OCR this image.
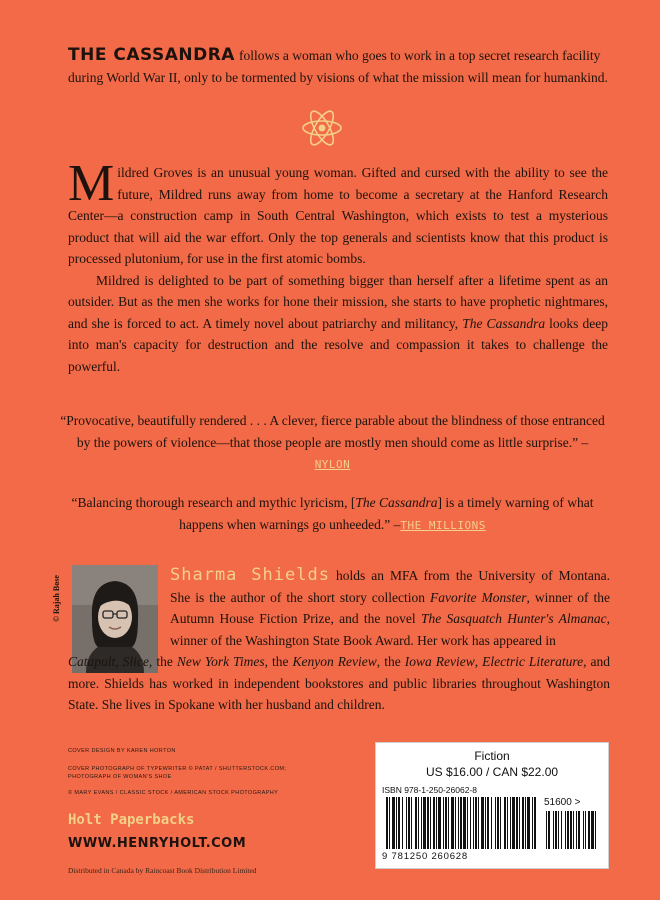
THE CASSANDRA follows a woman who goes to work in a top secret research facility during World War II, only to be tormented by visions of what the mission will mean for humankind.

Mildred Groves is an unusual young woman. Gifted and cursed with the ability to see the future, Mildred runs away from home to become a secretary at the Hanford Research Center—a construction camp in South Central Washington, which exists to test a mysterious product that will aid the war effort. Only the top generals and scientists know that this product is processed plutonium, for use in the first atomic bombs.

Mildred is delighted to be part of something bigger than herself after a lifetime spent as an outsider. But as the men she works for hone their mission, she starts to have prophetic nightmares, and she is forced to act. A timely novel about patriarchy and militancy, The Cassandra looks deep into man's capacity for destruction and the resolve and compassion it takes to challenge the powerful.

“Provocative, beautifully rendered . . . A clever, fierce parable about the blindness of those entranced by the powers of violence—that those people are mostly men should come as little surprise.” –NYLON
“Balancing thorough research and mythic lyricism, [The Cassandra] is a timely warning of what happens when warnings go unheeded.” –THE MILLIONS
© Rajah Bose

Sharma Shields holds an MFA from the University of Montana. She is the author of the short story collection Favorite Monster, winner of the Autumn House Fiction Prize, and the novel The Sasquatch Hunter's Almanac, winner of the Washington State Book Award. Her work has appeared in

Catapult, Slice, the New York Times, the Kenyon Review, the Iowa Review, Electric Literature, and more. Shields has worked in independent bookstores and public libraries throughout Washington State. She lives in Spokane with her husband and children.

COVER DESIGN BY KAREN HORTON
COVER PHOTOGRAPH OF TYPEWRITER © PATAT / SHUTTERSTOCK.COM;
PHOTOGRAPH OF WOMAN'S SHOE
© MARY EVANS / CLASSIC STOCK / AMERICAN STOCK PHOTOGRAPHY
Holt Paperbacks
WWW.HENRYHOLT.COM
Distributed in Canada by Raincoast Book Distribution Limited
Fiction
US $16.00 / CAN $22.00
ISBN 978-1-250-26062-8
51600 >
9 781250 260628
